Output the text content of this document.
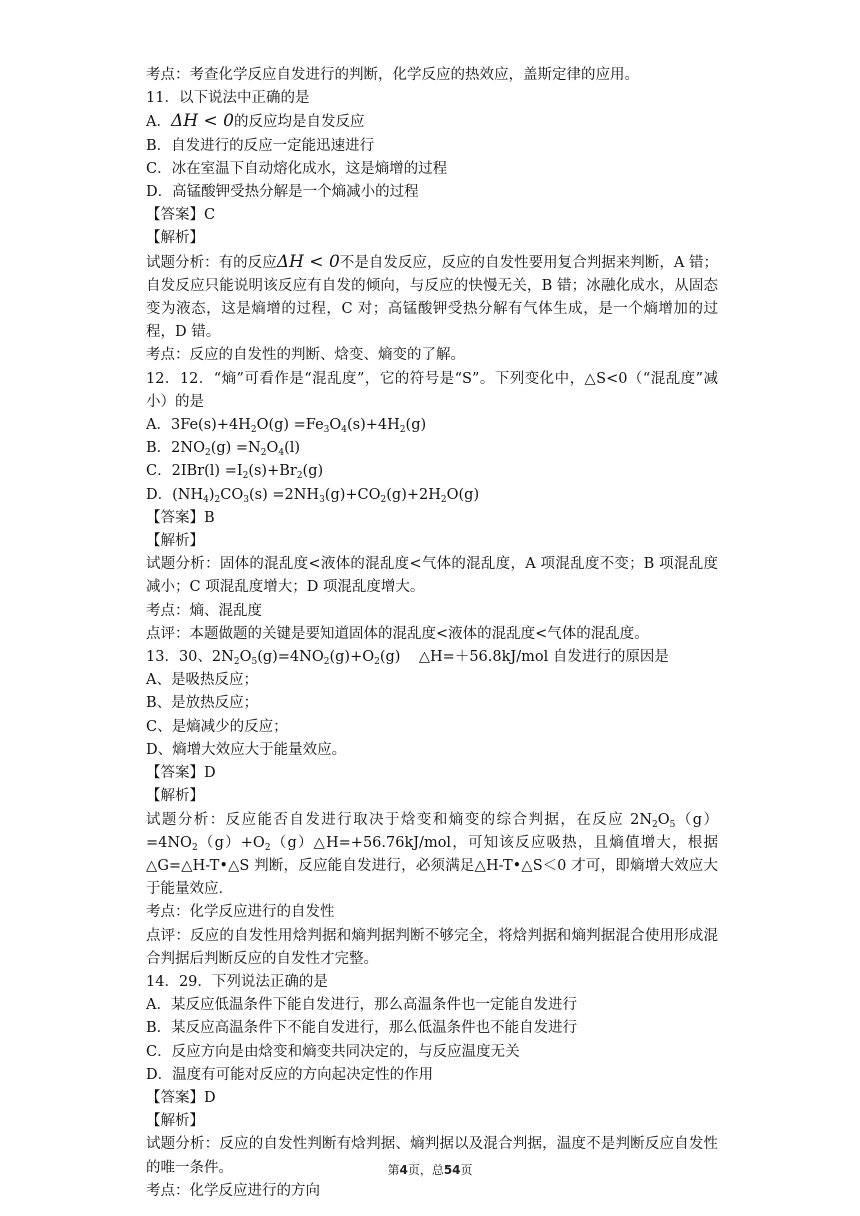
考点：考查化学反应自发进行的判断，化学反应的热效应，盖斯定律的应用。
11．以下说法中正确的是
A．ΔH < 0的反应均是自发反应
B．自发进行的反应一定能迅速进行
C．冰在室温下自动熔化成水，这是熵增的过程
D．高锰酸钾受热分解是一个熵减小的过程
【答案】C
【解析】
试题分析：有的反应ΔH < 0不是自发反应，反应的自发性要用复合判据来判断，A 错；自发反应只能说明该反应有自发的倾向，与反应的快慢无关，B 错；冰融化成水，从固态变为液态，这是熵增的过程，C 对；高锰酸钾受热分解有气体生成，是一个熵增加的过程，D 错。
考点：反应的自发性的判断、焓变、熵变的了解。
12．12．“熵”可看作是“混乱度”，它的符号是“S”。下列变化中，△S<0（“混乱度”减小）的是
A．$3Fe(s)+4H_2O(g) =Fe_3O_4(s)+4H_2(g)$
B．$2NO_2(g) =N_2O_4(l)$
C．$2IBr(l) =I_2(s)+Br_2(g)$
D．$(NH_4)_2CO_3(s) =2NH_3(g)+CO_2(g)+2H_2O(g)$
【答案】B
【解析】
试题分析：固体的混乱度<液体的混乱度<气体的混乱度，A 项混乱度不变；B 项混乱度减小；C 项混乱度增大；D 项混乱度增大。
考点：熵、混乱度
点评：本题做题的关键是要知道固体的混乱度<液体的混乱度<气体的混乱度。
13．30、$2N_2O_5(g)=4NO_2(g)+O_2(g)$    △H=＋56.8kJ/mol 自发进行的原因是
A、是吸热反应；
B、是放热反应；
C、是熵减少的反应；
D、熵增大效应大于能量效应。
【答案】D
【解析】
试题分析：反应能否自发进行取决于焓变和熵变的综合判据，在反应 $2N_2O_5(g)=4NO_2(g)+O_2(g)\triangle H=+56.76kJ$/mol，可知该反应吸热，且熵值增大，根据△G=△H-T•△S 判断，反应能自发进行，必须满足△H-T•△S＜0 才可，即熵增大效应大于能量效应．
考点：化学反应进行的自发性
点评：反应的自发性用焓判据和熵判据判断不够完全，将焓判据和熵判据混合使用形成混合判据后判断反应的自发性才完整。
14．29．下列说法正确的是
A．某反应低温条件下能自发进行，那么高温条件也一定能自发进行
B．某反应高温条件下不能自发进行，那么低温条件也不能自发进行
C．反应方向是由焓变和熵变共同决定的，与反应温度无关
D．温度有可能对反应的方向起决定性的作用
【答案】D
【解析】
试题分析：反应的自发性判断有焓判据、熵判据以及混合判据，温度不是判断反应自发性的唯一条件。
考点：化学反应进行的方向
第4页，总54页
